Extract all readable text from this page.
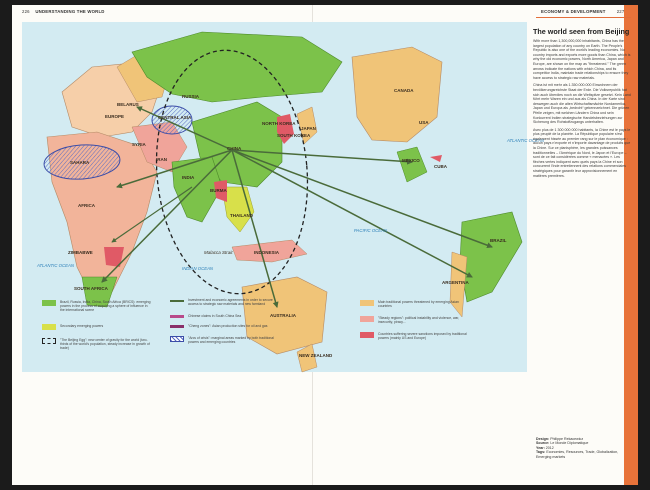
226 UNDERSTANDING THE WORLD	ECONOMY & DEVELOPMENT	227
CANADA
USA
MEXICO
CUBA
BRAZIL
ARGENTINA
RUSSIA
BELARUS
EUROPE	CENTRAL ASIA
SYRIA
IRAN
SAHARA
AFRICA
ZIMBABWE
SOUTH AFRICA
CHINA
NORTH KOREA
SOUTH KOREA
JAPAN
INDIA
BURMA
THAILAND
INDONESIA
Malacca Strait
AUSTRALIA
NEW ZEALAND
ATLANTIC OCEAN
ATLANTIC OCEAN
INDIAN OCEAN
PACIFIC OCEAN
Brazil, Russia, India, China, South Africa (BRICS): emerging powers in the process of acquiring a sphere of influence in the international scene
Secondary emerging powers
"The Beijing Egg": new center of gravity for the world (two-thirds of the world's population, steady increase in growth of trade)
Investment and economic agreements in order to secure access to strategic raw materials and new farmland
Chinese claims in South China Sea
"Cheng zones": Asian production sites for oil and gas
"Arcs of crisis": marginal areas marked by both traditional powers and emerging countries
Main traditional powers threatened by emerging Asian countries
"Steady regions": political instability and violence, war, insecurity, piracy...
Countries suffering severe sanctions imposed by traditional powers (mainly US and Europe)
The world seen from Beijing

With more than 1,300,000,000 inhabitants, China has the largest population of any country on Earth. The People's Republic is also one of the world's leading economies. No country imports and exports more goods than China, which is why the old economic powers, North America, Japan and Europe, are shown on the map as "threatened." The green arrows indicate the nations with which China, and its competitor India, maintain trade relationships to ensure they have access to strategic raw materials.

China ist mit mehr als 1.350.000.000 Einwohnern der bevölkerungsreichste Staat der Erde. Die Volksrepublik hat sich auch überdies noch an die Weltspitze gesetzt. Kein Land führt mehr Waren ein und aus als China. In der Karte sind deswegen auch die alten Wirtschaftsmächte Nordamerika, Japan und Europa als „bedroht“ gekennzeichnet. Die grünen Pfeile zeigen, mit welchen Ländern China und sein Konkurrent Indien strategische Handelsbeziehungen zur Sicherung des Rohstoffzugangs unterhalten.

Avec plus de 1 300 000 000 habitants, la Chine est le pays le plus peuplé de la planète. La République populaire s'est également hissée au premier rang sur le plan économique : aucun pays n'exporte et n'importe davantage de produits que la Chine. Sur ce planisphère, les grandes puissances traditionnelles – l'Amérique du Nord, le Japon et l'Europe – sont de ce fait considérées comme « menacées ». Les flèches vertes indiquent avec quels pays la Chine et son concurrent l'Inde entretiennent des relations commerciales stratégiques pour garantir leur approvisionnement en matières premières.

Design: Philippe Rekacewicz
Source: Le Monde Diplomatique
Year: 2012
Tags: Economies, Resources, Trade, Globalization, Emerging markets
